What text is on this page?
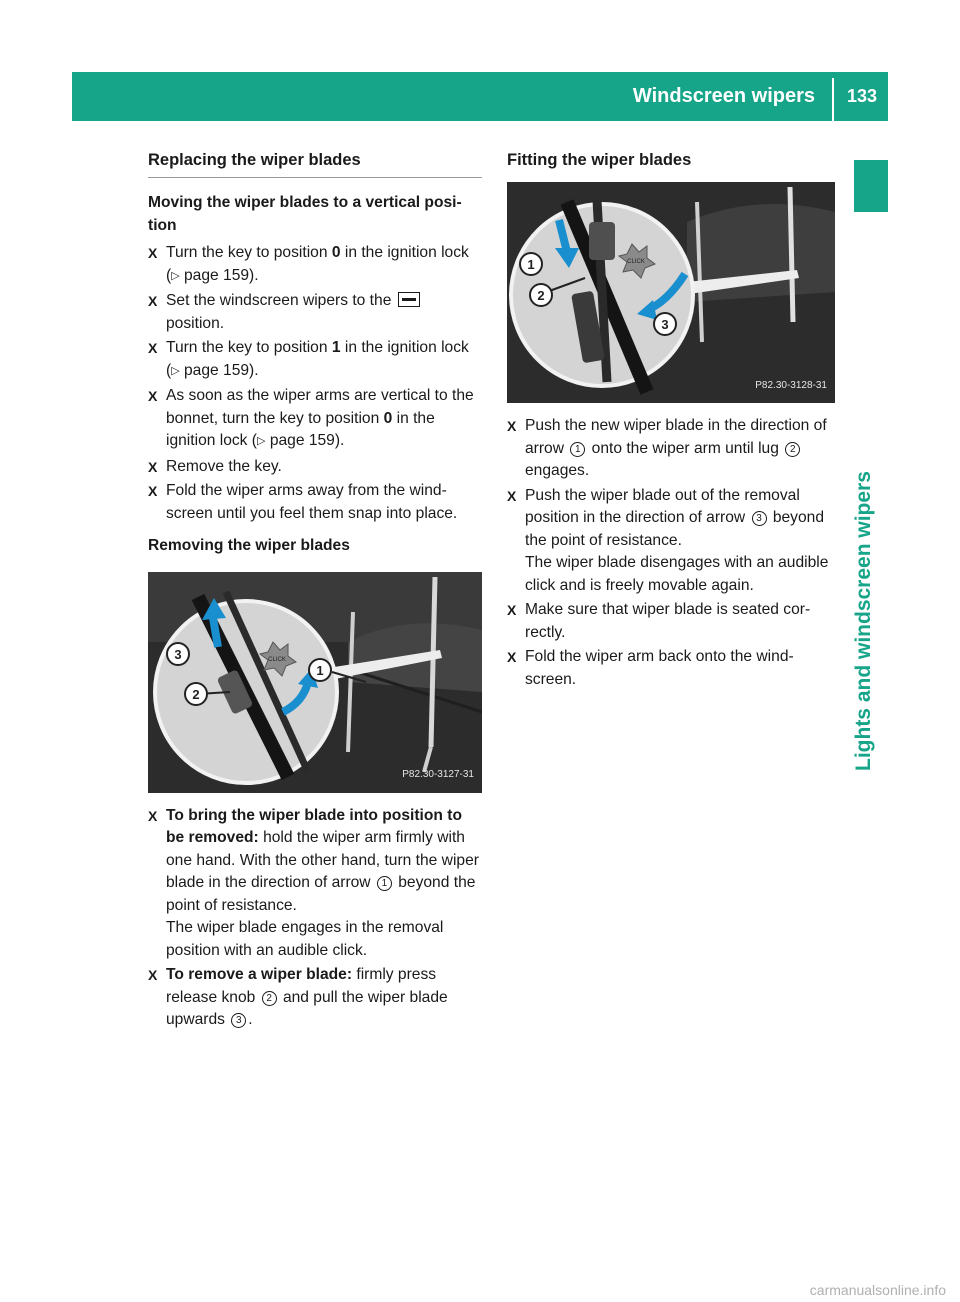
Windscreen wipers	133
Lights and windscreen wipers
Replacing the wiper blades
Moving the wiper blades to a vertical posi-tion
X Turn the key to position 0 in the ignition lock (▷ page 159).
X Set the windscreen wipers to the  position.
X Turn the key to position 1 in the ignition lock (▷ page 159).
X As soon as the wiper arms are vertical to the bonnet, turn the key to position 0 in the ignition lock (▷ page 159).
X Remove the key.
X Fold the wiper arms away from the wind-screen until you feel them snap into place.
Removing the wiper blades
CLICK
3
2
1
P82.30-3127-31
X To bring the wiper blade into position to be removed: hold the wiper arm firmly with one hand. With the other hand, turn the wiper blade in the direction of arrow 1 beyond the point of resistance.
The wiper blade engages in the removal position with an audible click.
X To remove a wiper blade: firmly press release knob 2 and pull the wiper blade upwards 3 .
Fitting the wiper blades
CLICK
1
2
3
P82.30-3128-31
X Push the new wiper blade in the direction of arrow 1 onto the wiper arm until lug 2 engages.
X Push the wiper blade out of the removal position in the direction of arrow 3 beyond the point of resistance.
The wiper blade disengages with an audible click and is freely movable again.
X Make sure that wiper blade is seated cor-rectly.
X Fold the wiper arm back onto the wind-screen.
carmanualsonline.info
